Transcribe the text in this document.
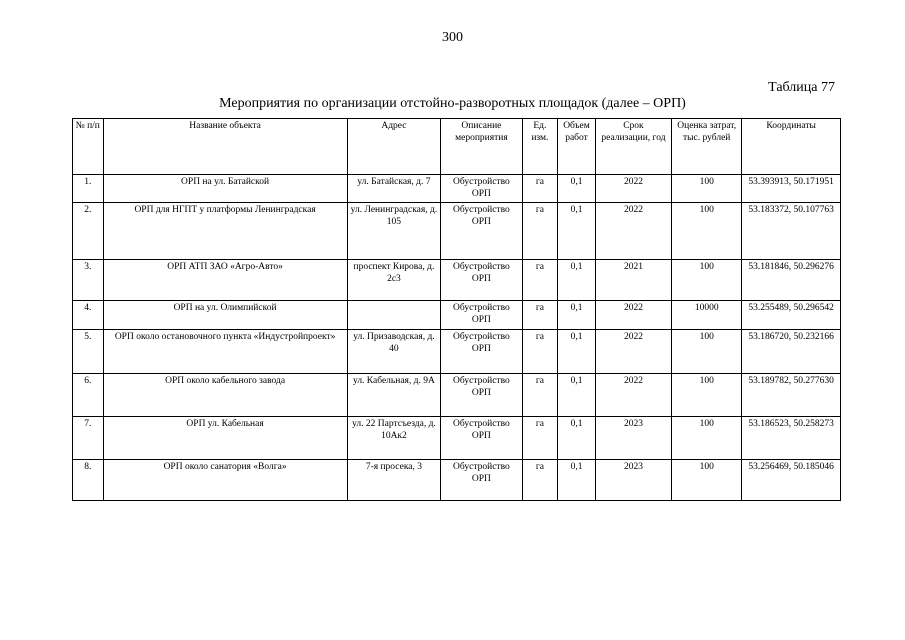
300
Таблица 77
Мероприятия по организации отстойно-разворотных площадок (далее – ОРП)
№ п/п	Название объекта	Адрес	Описание мероприятия	Ед. изм.	Объем работ	Срок реализации, год	Оценка затрат, тыс. рублей	Координаты
1.	ОРП на ул. Батайской	ул. Батайская, д. 7	Обустройство ОРП	га	0,1	2022	100	53.393913, 50.171951
2.	ОРП для НГПТ у платформы Ленинградская	ул. Ленинградская, д. 105	Обустройство ОРП	га	0,1	2022	100	53.183372, 50.107763
3.	ОРП АТП ЗАО «Агро-Авто»	проспект Кирова, д. 2с3	Обустройство ОРП	га	0,1	2021	100	53.181846, 50.296276
4.	ОРП на ул. Олимпийской		Обустройство ОРП	га	0,1	2022	10000	53.255489, 50.296542
5.	ОРП около остановочного пункта «Индустройпроект»	ул. Призаводская, д. 40	Обустройство ОРП	га	0,1	2022	100	53.186720, 50.232166
6.	ОРП около кабельного завода	ул. Кабельная, д. 9А	Обустройство ОРП	га	0,1	2022	100	53.189782, 50.277630
7.	ОРП ул. Кабельная	ул. 22 Партсъезда, д. 10Ак2	Обустройство ОРП	га	0,1	2023	100	53.186523, 50.258273
8.	ОРП около санатория «Волга»	7-я просека, 3	Обустройство ОРП	га	0,1	2023	100	53.256469, 50.185046
